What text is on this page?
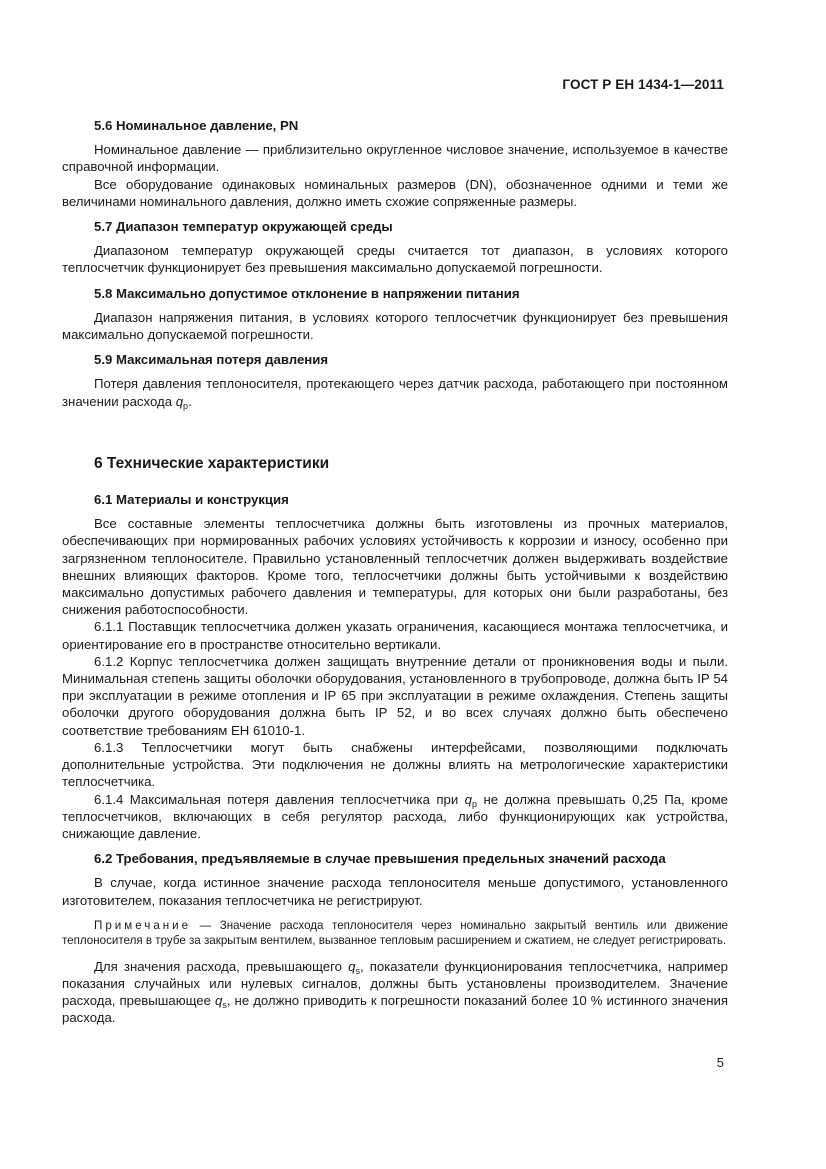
ГОСТ Р ЕН 1434-1—2011
5.6 Номинальное давление, PN

Номинальное давление — приблизительно округленное числовое значение, используемое в качестве справочной информации.

Все оборудование одинаковых номинальных размеров (DN), обозначенное одними и теми же величинами номинального давления, должно иметь схожие сопряженные размеры.

5.7 Диапазон температур окружающей среды

Диапазоном температур окружающей среды считается тот диапазон, в условиях которого теплосчетчик функционирует без превышения максимально допускаемой погрешности.

5.8 Максимально допустимое отклонение в напряжении питания

Диапазон напряжения питания, в условиях которого теплосчетчик функционирует без превышения максимально допускаемой погрешности.

5.9 Максимальная потеря давления

Потеря давления теплоносителя, протекающего через датчик расхода, работающего при постоянном значении расхода $q_p$.

6 Технические характеристики
6.1 Материалы и конструкция

Все составные элементы теплосчетчика должны быть изготовлены из прочных материалов, обеспечивающих при нормированных рабочих условиях устойчивость к коррозии и износу, особенно при загрязненном теплоносителе. Правильно установленный теплосчетчик должен выдерживать воздействие внешних влияющих факторов. Кроме того, теплосчетчики должны быть устойчивыми к воздействию максимально допустимых рабочего давления и температуры, для которых они были разработаны, без снижения работоспособности.

6.1.1 Поставщик теплосчетчика должен указать ограничения, касающиеся монтажа теплосчетчика, и ориентирование его в пространстве относительно вертикали.

6.1.2 Корпус теплосчетчика должен защищать внутренние детали от проникновения воды и пыли. Минимальная степень защиты оболочки оборудования, установленного в трубопроводе, должна быть IP 54 при эксплуатации в режиме отопления и IP 65 при эксплуатации в режиме охлаждения. Степень защиты оболочки другого оборудования должна быть IP 52, и во всех случаях должно быть обеспечено соответствие требованиям ЕН 61010-1.

6.1.3 Теплосчетчики могут быть снабжены интерфейсами, позволяющими подключать дополнительные устройства. Эти подключения не должны влиять на метрологические характеристики теплосчетчика.

6.1.4 Максимальная потеря давления теплосчетчика при $q_p$ не должна превышать 0,25 Па, кроме теплосчетчиков, включающих в себя регулятор расхода, либо функционирующих как устройства, снижающие давление.

6.2 Требования, предъявляемые в случае превышения предельных значений расхода

В случае, когда истинное значение расхода теплоносителя меньше допустимого, установленного изготовителем, показания теплосчетчика не регистрируют.

Примечание — Значение расхода теплоносителя через номинально закрытый вентиль или движение теплоносителя в трубе за закрытым вентилем, вызванное тепловым расширением и сжатием, не следует регистрировать.

Для значения расхода, превышающего $q_s$, показатели функционирования теплосчетчика, например показания случайных или нулевых сигналов, должны быть установлены производителем. Значение расхода, превышающее $q_s$, не должно приводить к погрешности показаний более 10 % истинного значения расхода.

5
